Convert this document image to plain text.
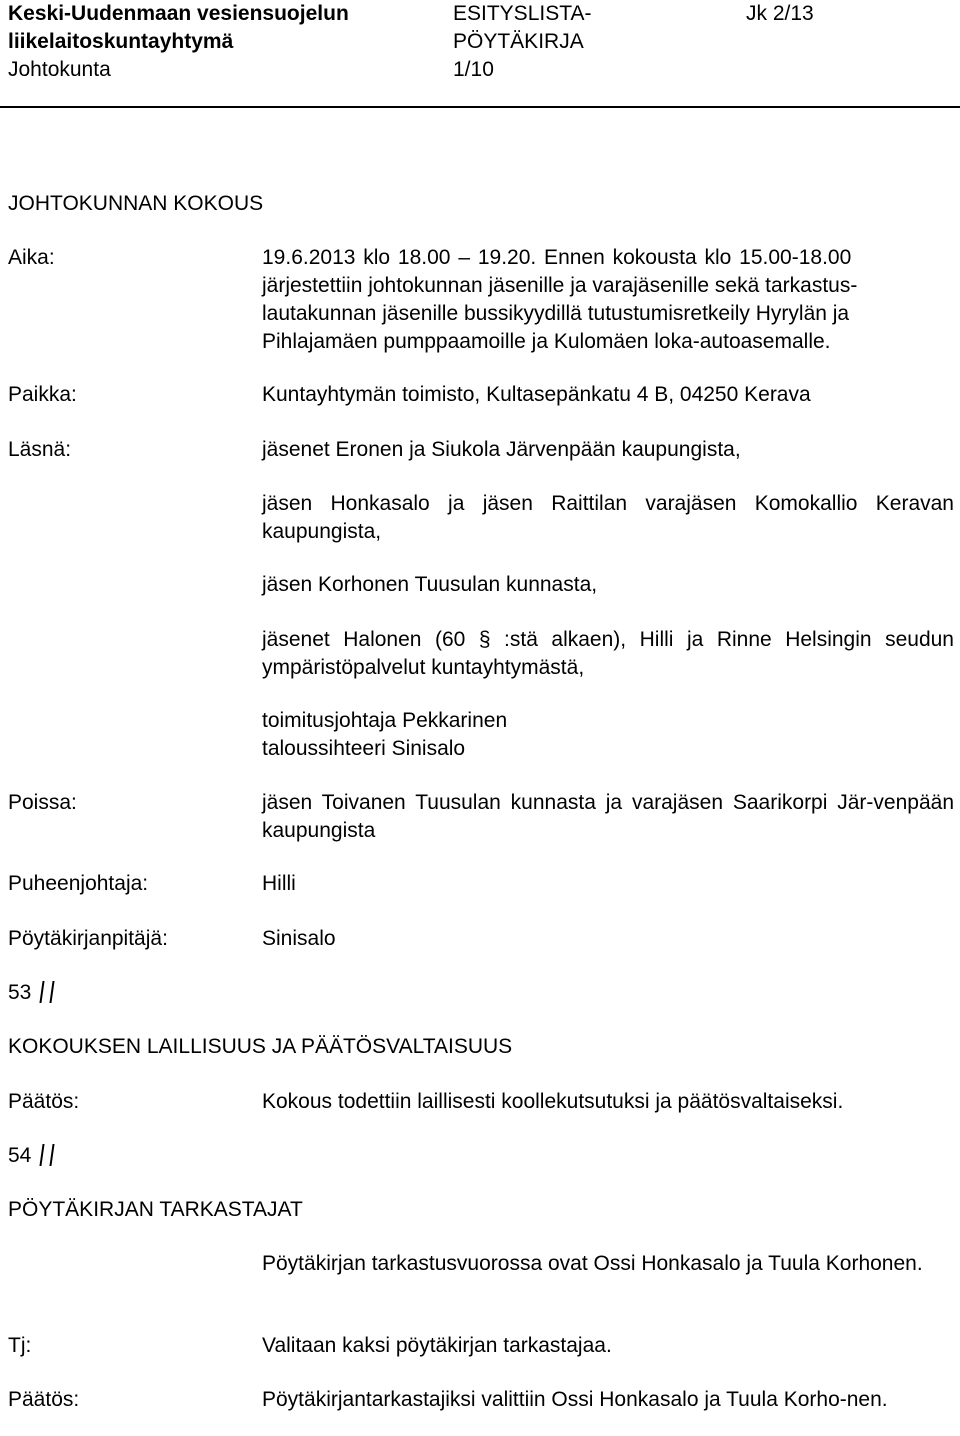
Keski-Uudenmaan vesiensuojelun
liikelaitoskuntayhtymä
Johtokunta
ESITYSLISTA-
PÖYTÄKIRJA
1/10
Jk 2/13
JOHTOKUNNAN KOKOUS
Aika:	19.6.2013 klo 18.00 – 19.20. Ennen kokousta klo 15.00-18.00
järjestettiin johtokunnan jäsenille ja varajäsenille sekä tarkastus-lautakunnan jäsenille bussikyydillä tutustumisretkeily Hyrylän ja Pihlajamäen pumppaamoille ja Kulomäen loka-autoasemalle.
Paikka:	Kuntayhtymän toimisto, Kultasepänkatu 4 B, 04250 Kerava
Läsnä:	jäsenet Eronen ja Siukola Järvenpään kaupungista,
jäsen Honkasalo ja jäsen Raittilan varajäsen Komokallio Keravan kaupungista,
jäsen Korhonen Tuusulan kunnasta,
jäsenet Halonen (60 § :stä alkaen), Hilli ja Rinne Helsingin seudun ympäristöpalvelut kuntayhtymästä,
toimitusjohtaja Pekkarinen
taloussihteeri Sinisalo
Poissa:	jäsen Toivanen Tuusulan kunnasta ja varajäsen Saarikorpi Jär-venpään kaupungista
Puheenjohtaja:	Hilli
Pöytäkirjanpitäjä:	Sinisalo
53
KOKOUKSEN LAILLISUUS JA PÄÄTÖSVALTAISUUS
Päätös:	Kokous todettiin laillisesti koollekutsutuksi ja päätösvaltaiseksi.
54
PÖYTÄKIRJAN TARKASTAJAT
Pöytäkirjan tarkastusvuorossa ovat Ossi Honkasalo ja Tuula Korhonen.
Tj:	Valitaan kaksi pöytäkirjan tarkastajaa.
Päätös:	Pöytäkirjantarkastajiksi valittiin Ossi Honkasalo ja Tuula Korho-nen.
